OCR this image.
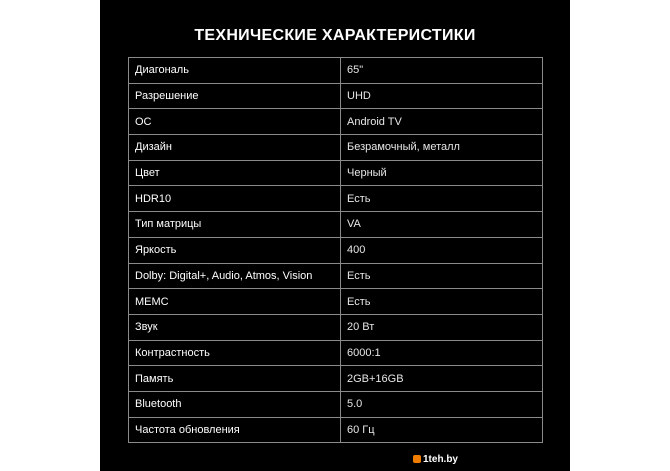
ТЕХНИЧЕСКИЕ ХАРАКТЕРИСТИКИ
Диагональ	65"
Разрешение	UHD
ОС	Android TV
Дизайн	Безрамочный, металл
Цвет	Черный
HDR10	Есть
Тип матрицы	VA
Яркость	400
Dolby: Digital+, Audio, Atmos, Vision	Есть
MEMC	Есть
Звук	20 Вт
Контрастность	6000:1
Память	2GB+16GB
Bluetooth	5.0
Частота обновления	60 Гц
1teh.by
